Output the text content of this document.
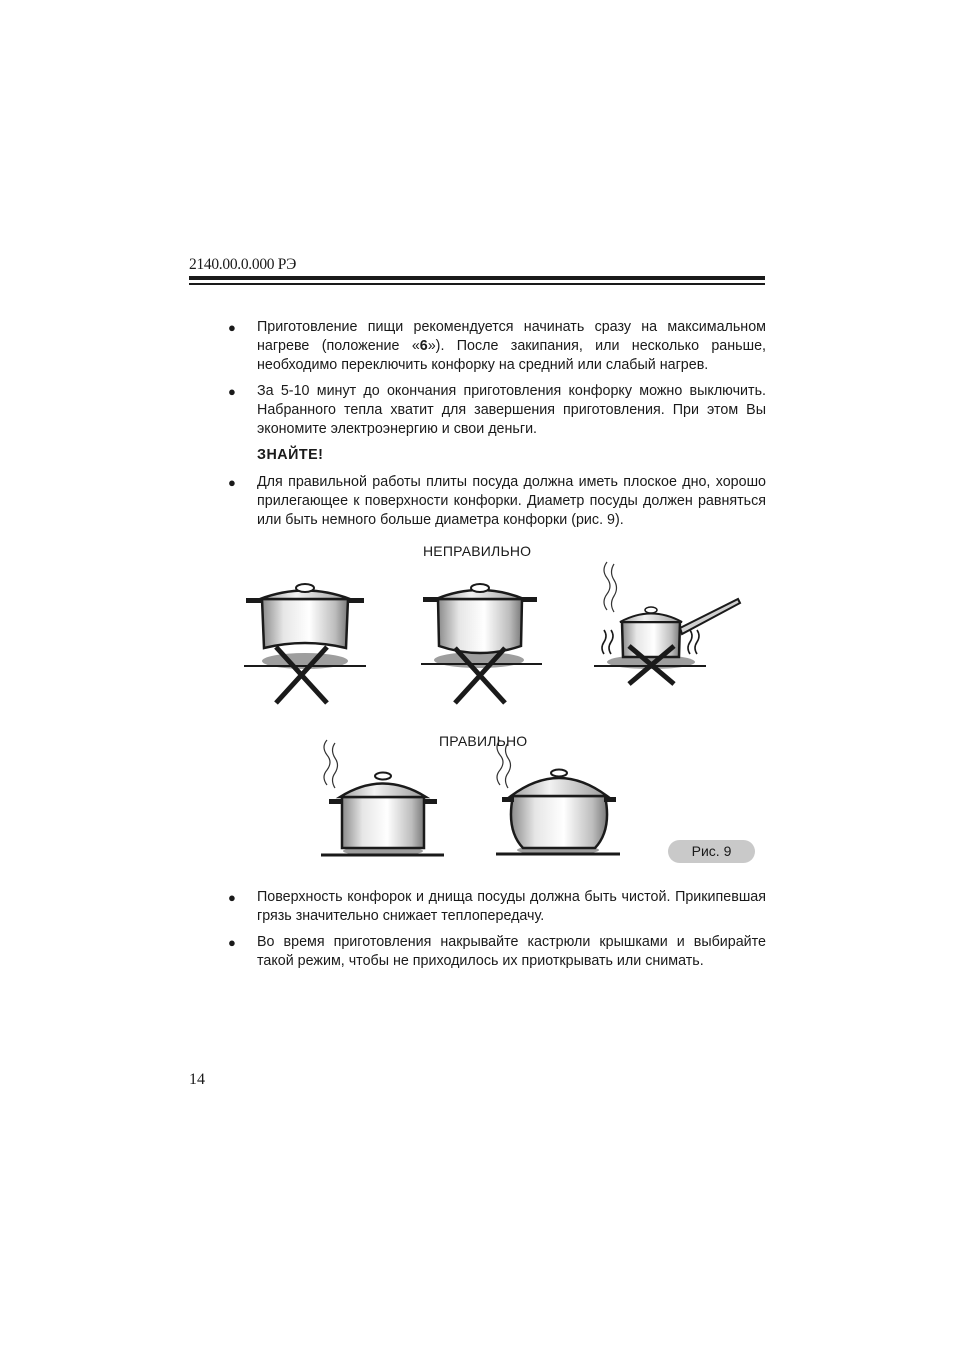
2140.00.0.000 РЭ
● Приготовление пищи рекомендуется начинать сразу на максимальном нагреве (положение «6»). После закипания, или несколько раньше, необходимо переключить конфорку на средний или слабый нагрев.
● За 5-10 минут до окончания приготовления конфорку можно выключить. Набранного тепла хватит для завершения приготовления. При этом Вы экономите электроэнергию и свои деньги.
ЗНАЙТЕ!
● Для правильной работы плиты посуда должна иметь плоское дно, хорошо прилегающее к поверхности конфорки. Диаметр посуды должен равняться или быть немного больше диаметра конфорки (рис. 9).
НЕПРАВИЛЬНО
ПРАВИЛЬНО
Рис. 9
● Поверхность конфорок и днища посуды должна быть чистой. Прикипевшая грязь значительно снижает теплопередачу.
● Во время приготовления накрывайте кастрюли крышками и выбирайте такой режим, чтобы не приходилось их приоткрывать или снимать.
14
